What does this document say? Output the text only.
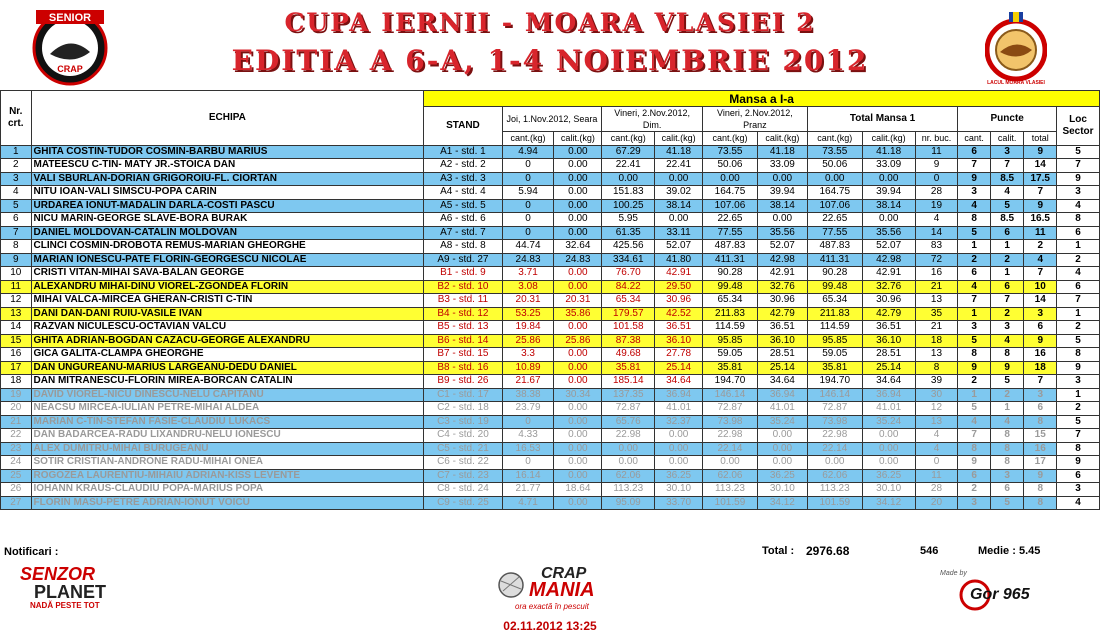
SENIOR
CRAP
CUPA IERNII - MOARA VLASIEI 2
EDITIA A 6-A, 1-4 NOIEMBRIE 2012
LACUL MOARA VLASIEI
Nr. crt.	ECHIPA	Mansa a I-a													
		STAND	Joi, 1.Nov.2012, Seara		Vineri, 2.Nov.2012, Dim.		Vineri, 2.Nov.2012, Pranz		Total Mansa 1			Puncte			Loc Sector
			cant.(kg)	calit.(kg)	cant.(kg)	calit.(kg)	cant.(kg)	calit.(kg)	cant.(kg)	calit.(kg)	nr. buc.	cant.	calit.	total	
1	GHITA COSTIN-TUDOR COSMIN-BARBU MARIUS	A1 - std. 1	4.94	0.00	67.29	41.18	73.55	41.18	73.55	41.18	11	6	3	9	5
2	MATEESCU C-TIN- MATY JR.-STOICA DAN	A2 - std. 2	0	0.00	22.41	22.41	50.06	33.09	50.06	33.09	9	7	7	14	7
3	VALI SBURLAN-DORIAN GRIGOROIU-FL. CIORTAN	A3 - std. 3	0	0.00	0.00	0.00	0.00	0.00	0.00	0.00	0	9	8.5	17.5	9
4	NITU IOAN-VALI SIMSCU-POPA CARIN	A4 - std. 4	5.94	0.00	151.83	39.02	164.75	39.94	164.75	39.94	28	3	4	7	3
5	URDAREA IONUT-MADALIN DARLA-COSTI PASCU	A5 - std. 5	0	0.00	100.25	38.14	107.06	38.14	107.06	38.14	19	4	5	9	4
6	NICU MARIN-GEORGE SLAVE-BORA BURAK	A6 - std. 6	0	0.00	5.95	0.00	22.65	0.00	22.65	0.00	4	8	8.5	16.5	8
7	DANIEL MOLDOVAN-CATALIN MOLDOVAN	A7 - std. 7	0	0.00	61.35	33.11	77.55	35.56	77.55	35.56	14	5	6	11	6
8	CLINCI COSMIN-DROBOTA REMUS-MARIAN GHEORGHE	A8 - std. 8	44.74	32.64	425.56	52.07	487.83	52.07	487.83	52.07	83	1	1	2	1
9	MARIAN IONESCU-PATE FLORIN-GEORGESCU NICOLAE	A9 - std. 27	24.83	24.83	334.61	41.80	411.31	42.98	411.31	42.98	72	2	2	4	2
10	CRISTI VITAN-MIHAI SAVA-BALAN GEORGE	B1 - std. 9	3.71	0.00	76.70	42.91	90.28	42.91	90.28	42.91	16	6	1	7	4
11	ALEXANDRU MIHAI-DINU VIOREL-ZGONDEA FLORIN	B2 - std. 10	3.08	0.00	84.22	29.50	99.48	32.76	99.48	32.76	21	4	6	10	6
12	MIHAI VALCA-MIRCEA GHERAN-CRISTI C-TIN	B3 - std. 11	20.31	20.31	65.34	30.96	65.34	30.96	65.34	30.96	13	7	7	14	7
13	DANI DAN-DANI RUIU-VASILE IVAN	B4 - std. 12	53.25	35.86	179.57	42.52	211.83	42.79	211.83	42.79	35	1	2	3	1
14	RAZVAN NICULESCU-OCTAVIAN VALCU	B5 - std. 13	19.84	0.00	101.58	36.51	114.59	36.51	114.59	36.51	21	3	3	6	2
15	GHITA ADRIAN-BOGDAN CAZACU-GEORGE ALEXANDRU	B6 - std. 14	25.86	25.86	87.38	36.10	95.85	36.10	95.85	36.10	18	5	4	9	5
16	GICA GALITA-CLAMPA GHEORGHE	B7 - std. 15	3.3	0.00	49.68	27.78	59.05	28.51	59.05	28.51	13	8	8	16	8
17	DAN UNGUREANU-MARIUS LARGEANU-DEDU DANIEL	B8 - std. 16	10.89	0.00	35.81	25.14	35.81	25.14	35.81	25.14	8	9	9	18	9
18	DAN MITRANESCU-FLORIN MIREA-BORCAN CATALIN	B9 - std. 26	21.67	0.00	185.14	34.64	194.70	34.64	194.70	34.64	39	2	5	7	3
19	DAVID VIOREL-NICU DINESCU-NELU CAPITANU	C1 - std. 17	38.38	30.34	137.35	36.94	146.14	36.94	146.14	36.94	30	1	2	3	1
20	NEACSU MIRCEA-IULIAN PETRE-MIHAI ALDEA	C2 - std. 18	23.79	0.00	72.87	41.01	72.87	41.01	72.87	41.01	12	5	1	6	2
21	MARIAN C-TIN-STEFAN FASIE-CLAUDIU LUKACS	C3 - std. 19	0	0.00	65.76	32.37	73.98	35.24	73.98	35.24	13	4	4	8	5
22	DAN BADARCEA-RADU LIXANDRU-NELU IONESCU	C4 - std. 20	4.33	0.00	22.98	0.00	22.98	0.00	22.98	0.00	4	7	8	15	7
23	ALEX DUMITRU-MIHAI BURUGEANU	C5 - std. 21	16.53	0.00	0.00	0.00	22.14	0.00	22.14	0.00	4	8	8	16	8
24	SOTIR CRISTIAN-ANDRONE RADU-MIHAI ONEA	C6 - std. 22	0	0.00	0.00	0.00	0.00	0.00	0.00	0.00	0	9	8	17	9
25	ROGOZEA LAURENTIU-MIHAIU ADRIAN-KISS LEVENTE	C7 - std. 23	16.14	0.00	62.06	36.25	62.06	36.25	62.06	36.25	11	6	3	9	6
26	IOHANN KRAUS-CLAUDIU POPA-MARIUS POPA	C8 - std. 24	21.77	18.64	113.23	30.10	113.23	30.10	113.23	30.10	28	2	6	8	3
27	FLORIN MASU-PETRE ADRIAN-IONUT VOICU	C9 - std. 25	4.71	0.00	95.09	33.70	101.59	34.12	101.59	34.12	20	3	5	8	4
Notificari :	Total : 2976.68	546	Medie : 5.45
SENZOR
PLANET
NADĂ PESTE TOT
CRAP
MANIA
ora exactă în pescuit
Made by
Gor 965
02.11.2012 13:25
